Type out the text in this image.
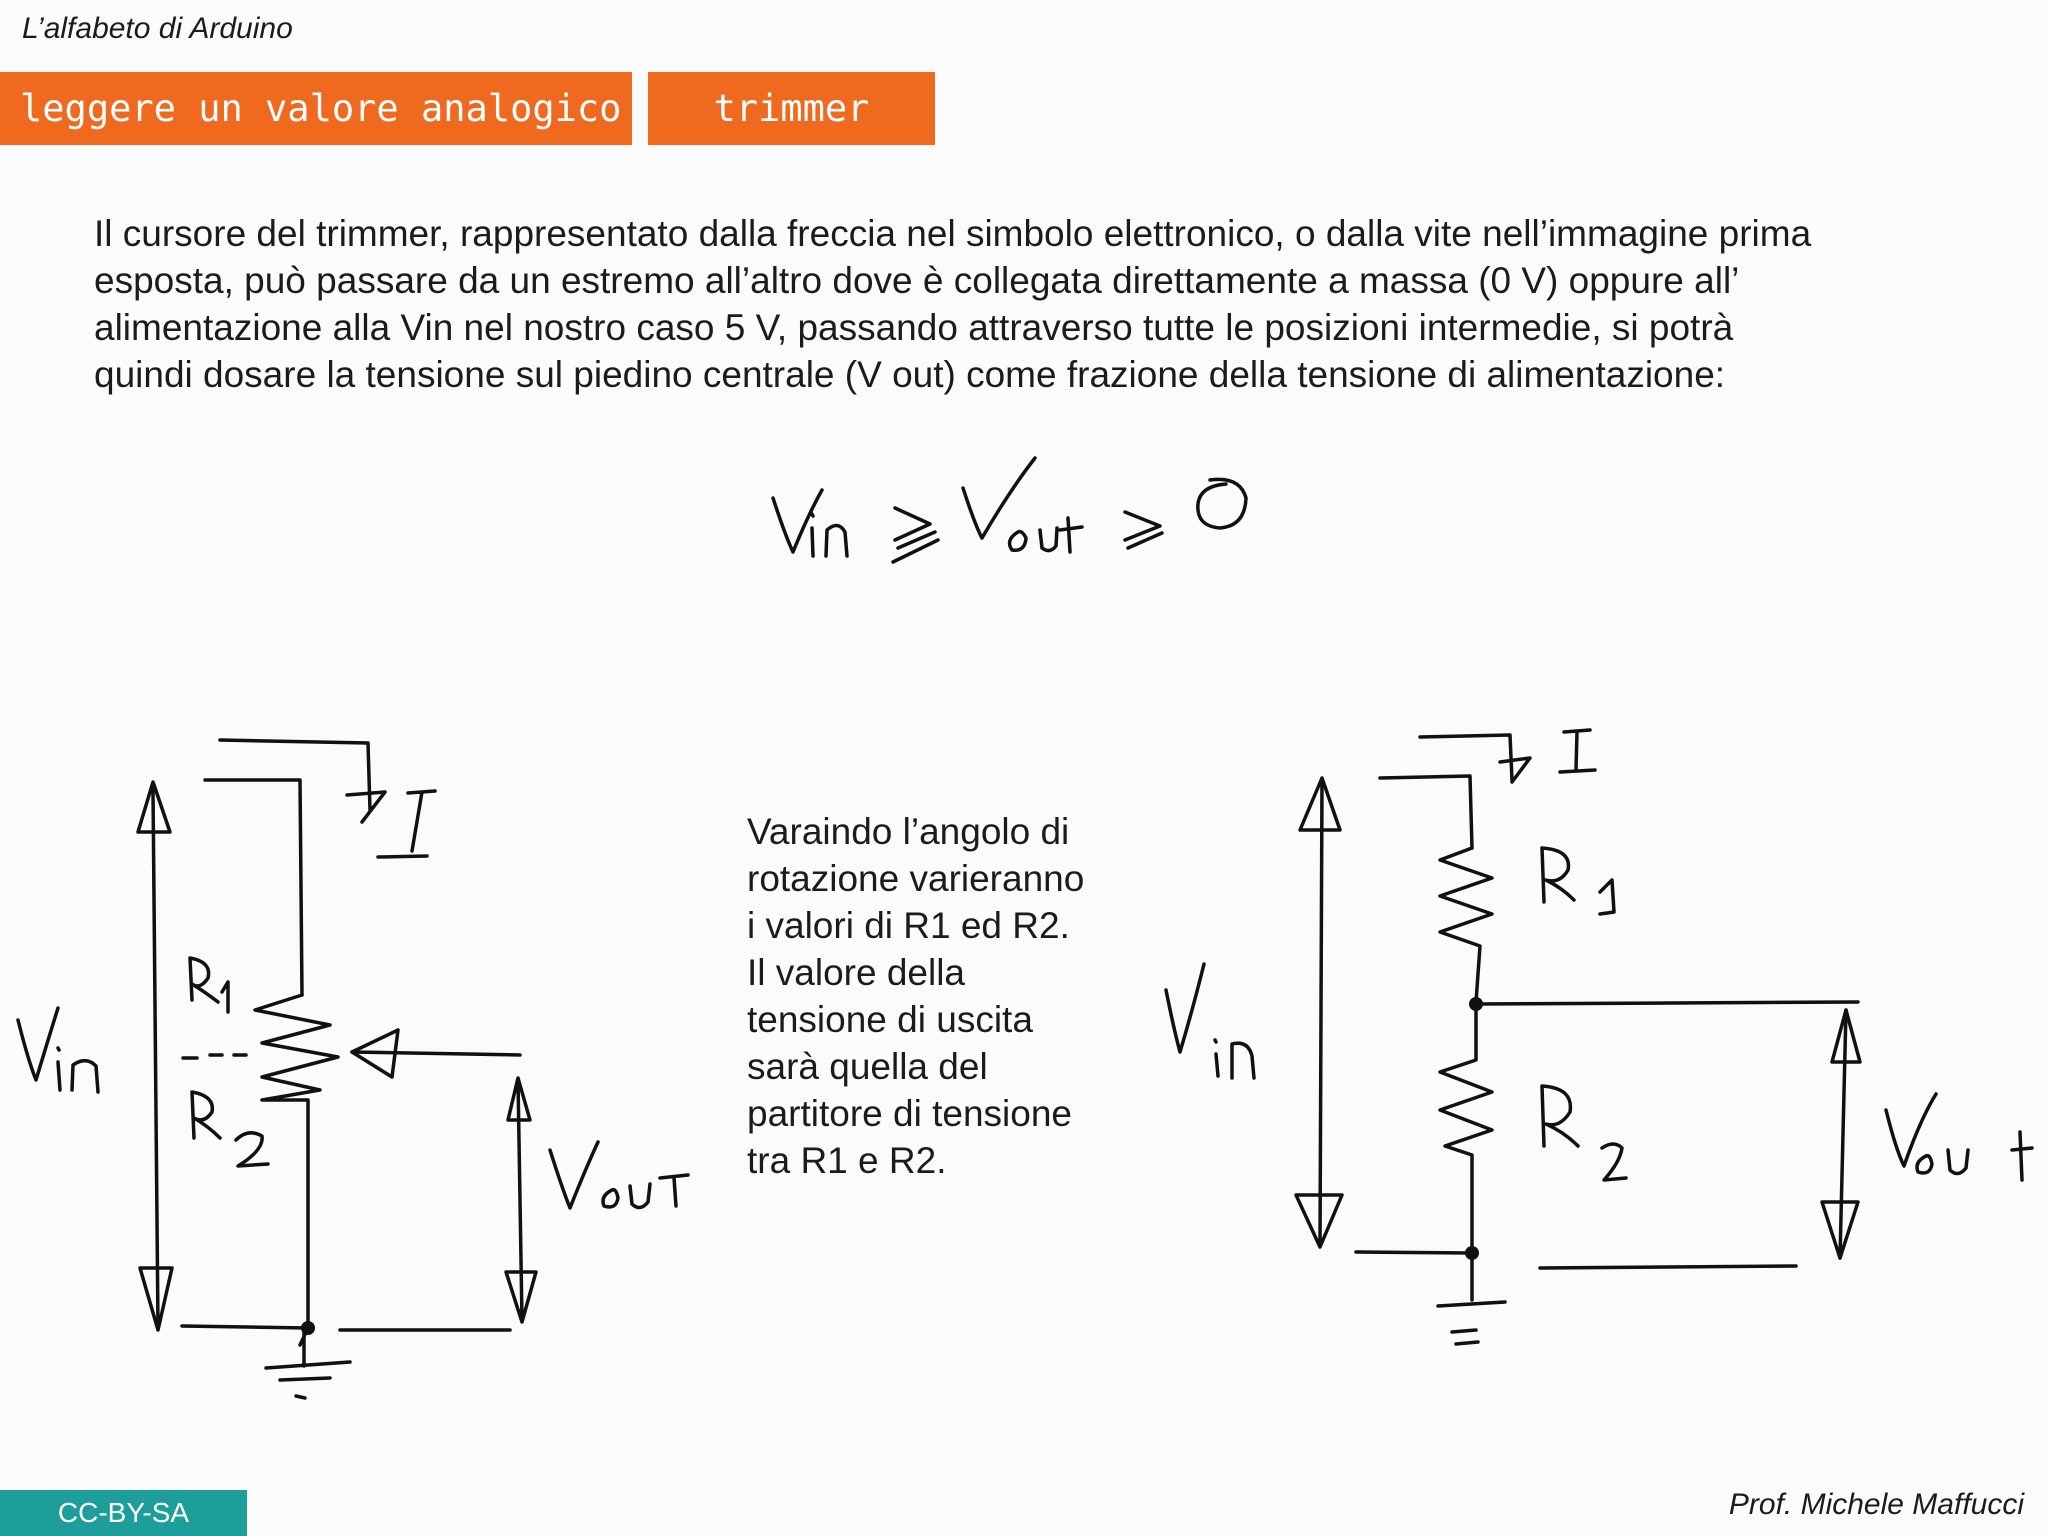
L’alfabeto di Arduino
leggere un valore analogico	trimmer
Il cursore del trimmer, rappresentato dalla freccia nel simbolo elettronico, o dalla vite nell’immagine prima
esposta, può passare da un estremo all’altro dove è collegata direttamente a massa (0 V) oppure all’
alimentazione alla Vin nel nostro caso 5 V, passando attraverso tutte le posizioni intermedie, si potrà
quindi dosare la tensione sul piedino centrale (V out) come frazione della tensione di alimentazione:
Varaindo l’angolo di
rotazione varieranno
i valori di R1 ed R2.
Il valore della
tensione di uscita
sarà quella del
partitore di tensione
tra R1 e R2.
CC-BY-SA	Prof. Michele Maffucci
